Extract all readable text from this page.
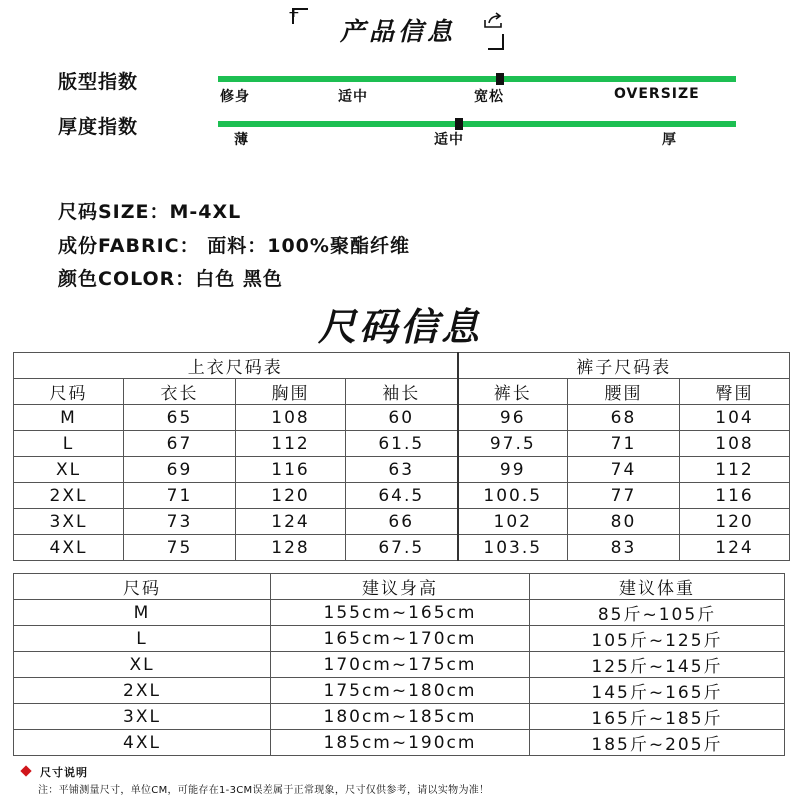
+
产品信息
版型指数
修身	适中	宽松	OVERSIZE
厚度指数
薄	适中	厚
尺码SIZE：M-4XL
成份FABRIC： 面料：100%聚酯纤维
颜色COLOR：白色 黑色
尺码信息
上衣尺码表				裤子尺码表		
尺码	衣长	胸围	袖长	裤长	腰围	臀围
M	65	108	60	96	68	104
L	67	112	61.5	97.5	71	108
XL	69	116	63	99	74	112
2XL	71	120	64.5	100.5	77	116
3XL	73	124	66	102	80	120
4XL	75	128	67.5	103.5	83	124
尺码	建议身高	建议体重
M	155cm~165cm	85斤~105斤
L	165cm~170cm	105斤~125斤
XL	170cm~175cm	125斤~145斤
2XL	175cm~180cm	145斤~165斤
3XL	180cm~185cm	165斤~185斤
4XL	185cm~190cm	185斤~205斤
尺寸说明
注：平铺测量尺寸，单位CM，可能存在1-3CM误差属于正常现象，尺寸仅供参考，请以实物为准！
